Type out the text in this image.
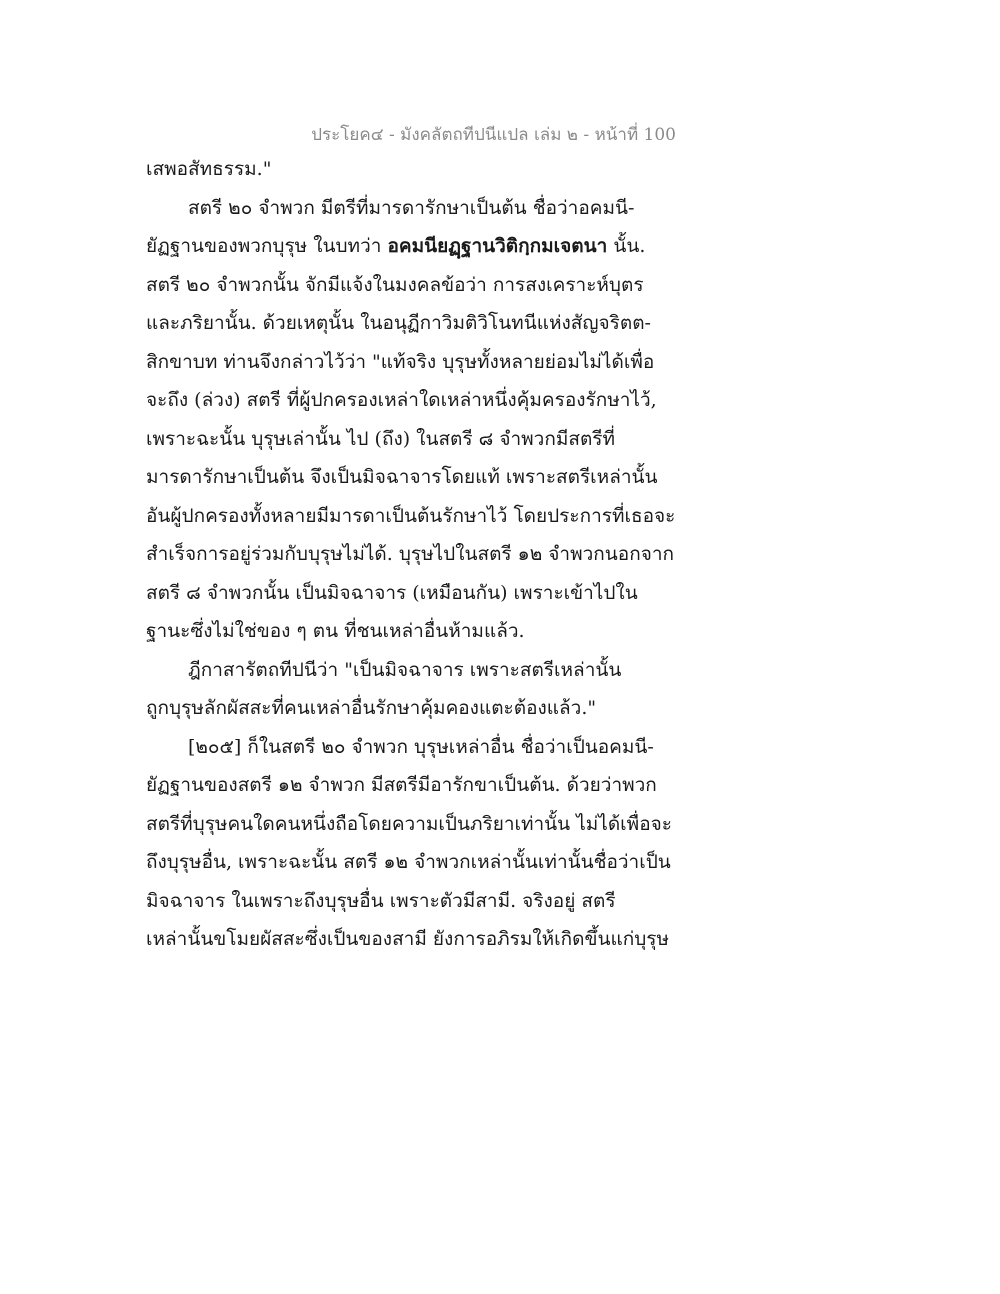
ประโยค๔ - มังคลัตถทีปนีแปล เล่ม ๒ - หน้าที่ 100
เสพอสัทธรรม."
สตรี ๒๐ จำพวก มีตรีที่มารดารักษาเป็นต้น ชื่อว่าอคมนี-
ยัฏฐานของพวกบุรุษ ในบทว่า อคมนียฏฺฐานวิติกฺกมเจตนา นั้น.
สตรี ๒๐ จำพวกนั้น จักมีแจ้งในมงคลข้อว่า การสงเคราะห์บุตร
และภริยานั้น. ด้วยเหตุนั้น ในอนุฏีกาวิมติวิโนทนีแห่งสัญจริตต-
สิกขาบท ท่านจึงกล่าวไว้ว่า "แท้จริง บุรุษทั้งหลายย่อมไม่ได้เพื่อ
จะถึง (ล่วง) สตรี ที่ผู้ปกครองเหล่าใดเหล่าหนึ่งคุ้มครองรักษาไว้,
เพราะฉะนั้น บุรุษเล่านั้น ไป (ถึง) ในสตรี ๘ จำพวกมีสตรีที่
มารดารักษาเป็นต้น จึงเป็นมิจฉาจารโดยแท้ เพราะสตรีเหล่านั้น
อันผู้ปกครองทั้งหลายมีมารดาเป็นต้นรักษาไว้ โดยประการที่เธอจะ
สำเร็จการอยู่ร่วมกับบุรุษไม่ได้. บุรุษไปในสตรี ๑๒ จำพวกนอกจาก
สตรี ๘ จำพวกนั้น เป็นมิจฉาจาร (เหมือนกัน) เพราะเข้าไปใน
ฐานะซึ่งไม่ใช่ของ ๆ ตน ที่ชนเหล่าอื่นห้ามแล้ว.
ฎีกาสารัตถทีปนีว่า "เป็นมิจฉาจาร เพราะสตรีเหล่านั้น
ถูกบุรุษลักผัสสะที่คนเหล่าอื่นรักษาคุ้มคองแตะต้องแล้ว."
[๒๐๕] ก็ในสตรี ๒๐ จำพวก บุรุษเหล่าอื่น ชื่อว่าเป็นอคมนี-
ยัฏฐานของสตรี ๑๒ จำพวก มีสตรีมีอารักขาเป็นต้น. ด้วยว่าพวก
สตรีที่บุรุษคนใดคนหนึ่งถือโดยความเป็นภริยาเท่านั้น ไม่ได้เพื่อจะ
ถึงบุรุษอื่น, เพราะฉะนั้น สตรี ๑๒ จำพวกเหล่านั้นเท่านั้นชื่อว่าเป็น
มิจฉาจาร ในเพราะถึงบุรุษอื่น เพราะตัวมีสามี. จริงอยู่ สตรี
เหล่านั้นขโมยผัสสะซึ่งเป็นของสามี ยังการอภิรมให้เกิดขึ้นแก่บุรุษ
